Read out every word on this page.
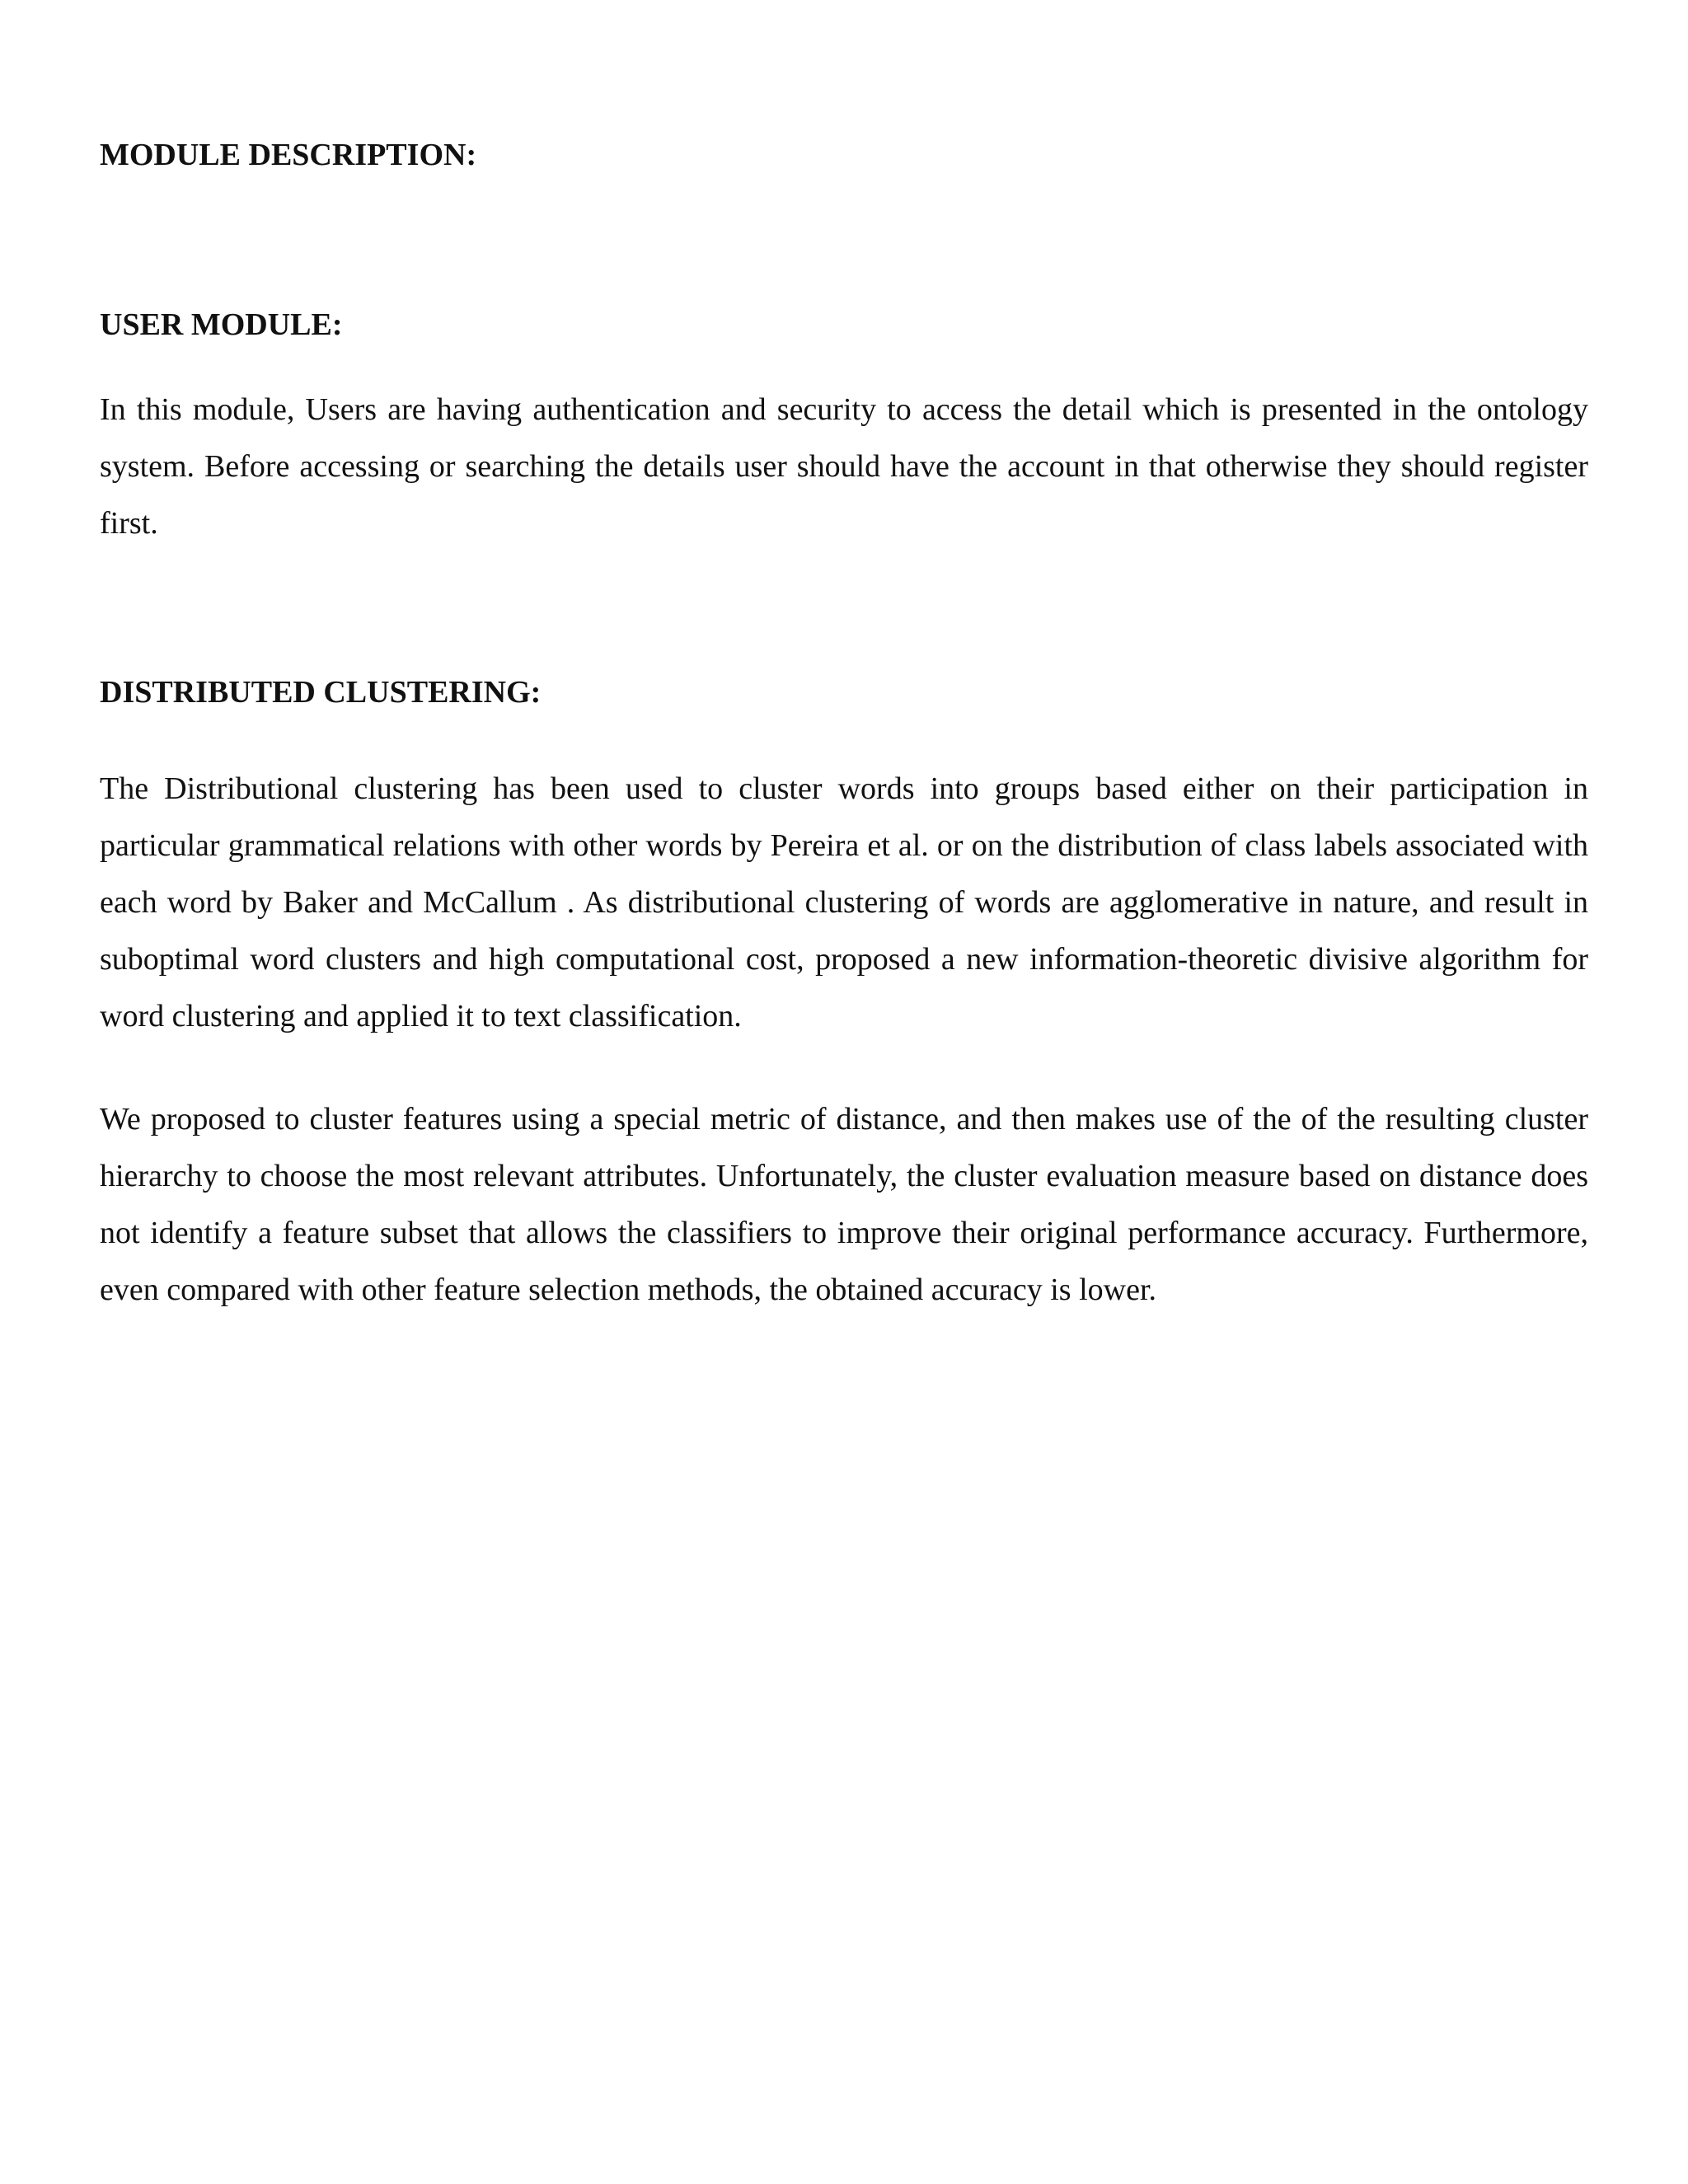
MODULE DESCRIPTION:
USER MODULE:

In this module, Users are having authentication and security to access the detail which is presented in the ontology system. Before accessing or searching the details user should have the account in that otherwise they should register first.

DISTRIBUTED CLUSTERING:

The Distributional clustering has been used to cluster words into groups based either on their participation in particular grammatical relations with other words by Pereira et al. or on the distribution of class labels associated with each word by Baker and McCallum . As distributional clustering of words are agglomerative in nature, and result in suboptimal word clusters and high computational cost, proposed a new information-theoretic divisive algorithm for word clustering and applied it to text classification.

We proposed to cluster features using a special metric of distance, and then makes use of the of the resulting cluster hierarchy to choose the most relevant attributes. Unfortunately, the cluster evaluation measure based on distance does not identify a feature subset that allows the classifiers to improve their original performance accuracy. Furthermore, even compared with other feature selection methods, the obtained accuracy is lower.
